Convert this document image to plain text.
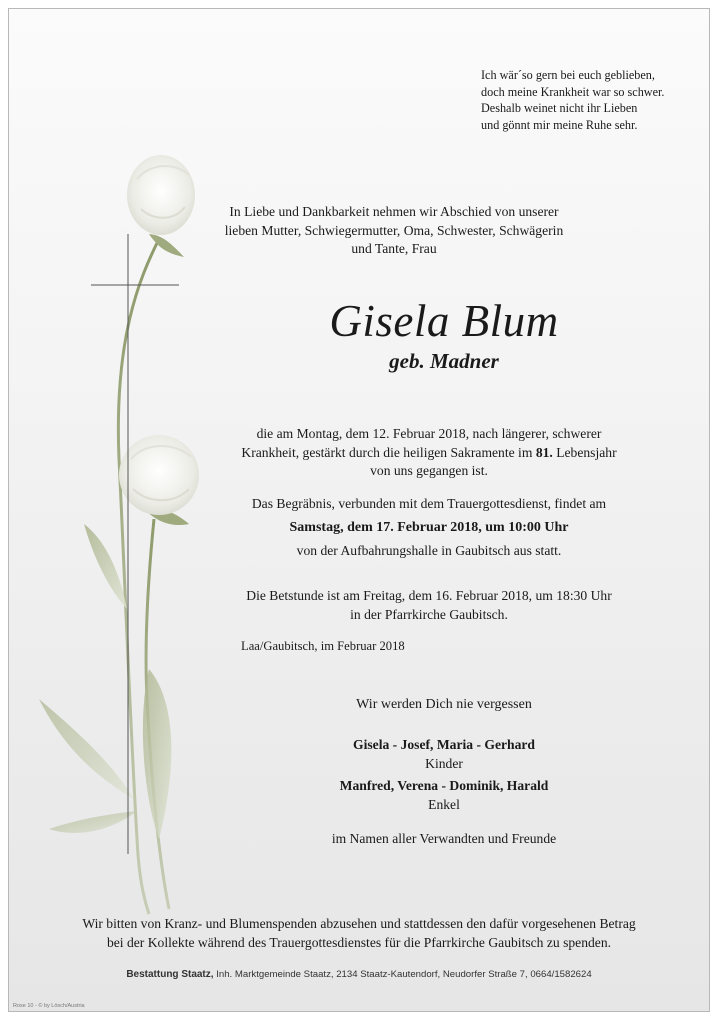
Ich wär´so gern bei euch geblieben,
doch meine Krankheit war so schwer.
Deshalb weinet nicht ihr Lieben
und gönnt mir meine Ruhe sehr.
In Liebe und Dankbarkeit nehmen wir Abschied von unserer
lieben Mutter, Schwiegermutter, Oma, Schwester, Schwägerin
und Tante, Frau
Gisela Blum
geb. Madner
die am Montag, dem 12. Februar 2018, nach längerer, schwerer
Krankheit, gestärkt durch die heiligen Sakramente im 81. Lebensjahr
von uns gegangen ist.
Das Begräbnis, verbunden mit dem Trauergottesdienst, findet am
Samstag, dem 17. Februar 2018, um 10:00 Uhr
von der Aufbahrungshalle in Gaubitsch aus statt.
Die Betstunde ist am Freitag, dem 16. Februar 2018, um 18:30 Uhr
in der Pfarrkirche Gaubitsch.
Laa/Gaubitsch, im Februar 2018
Wir werden Dich nie vergessen
Gisela - Josef, Maria - Gerhard
Kinder
Manfred, Verena - Dominik, Harald
Enkel
im Namen aller Verwandten und Freunde
Wir bitten von Kranz- und Blumenspenden abzusehen und stattdessen den dafür vorgesehenen Betrag
bei der Kollekte während des Trauergottesdienstes für die Pfarrkirche Gaubitsch zu spenden.
Bestattung Staatz, Inh. Marktgemeinde Staatz, 2134 Staatz-Kautendorf, Neudorfer Straße 7, 0664/1582624
Rose 10 - © by Lösch/Austria
